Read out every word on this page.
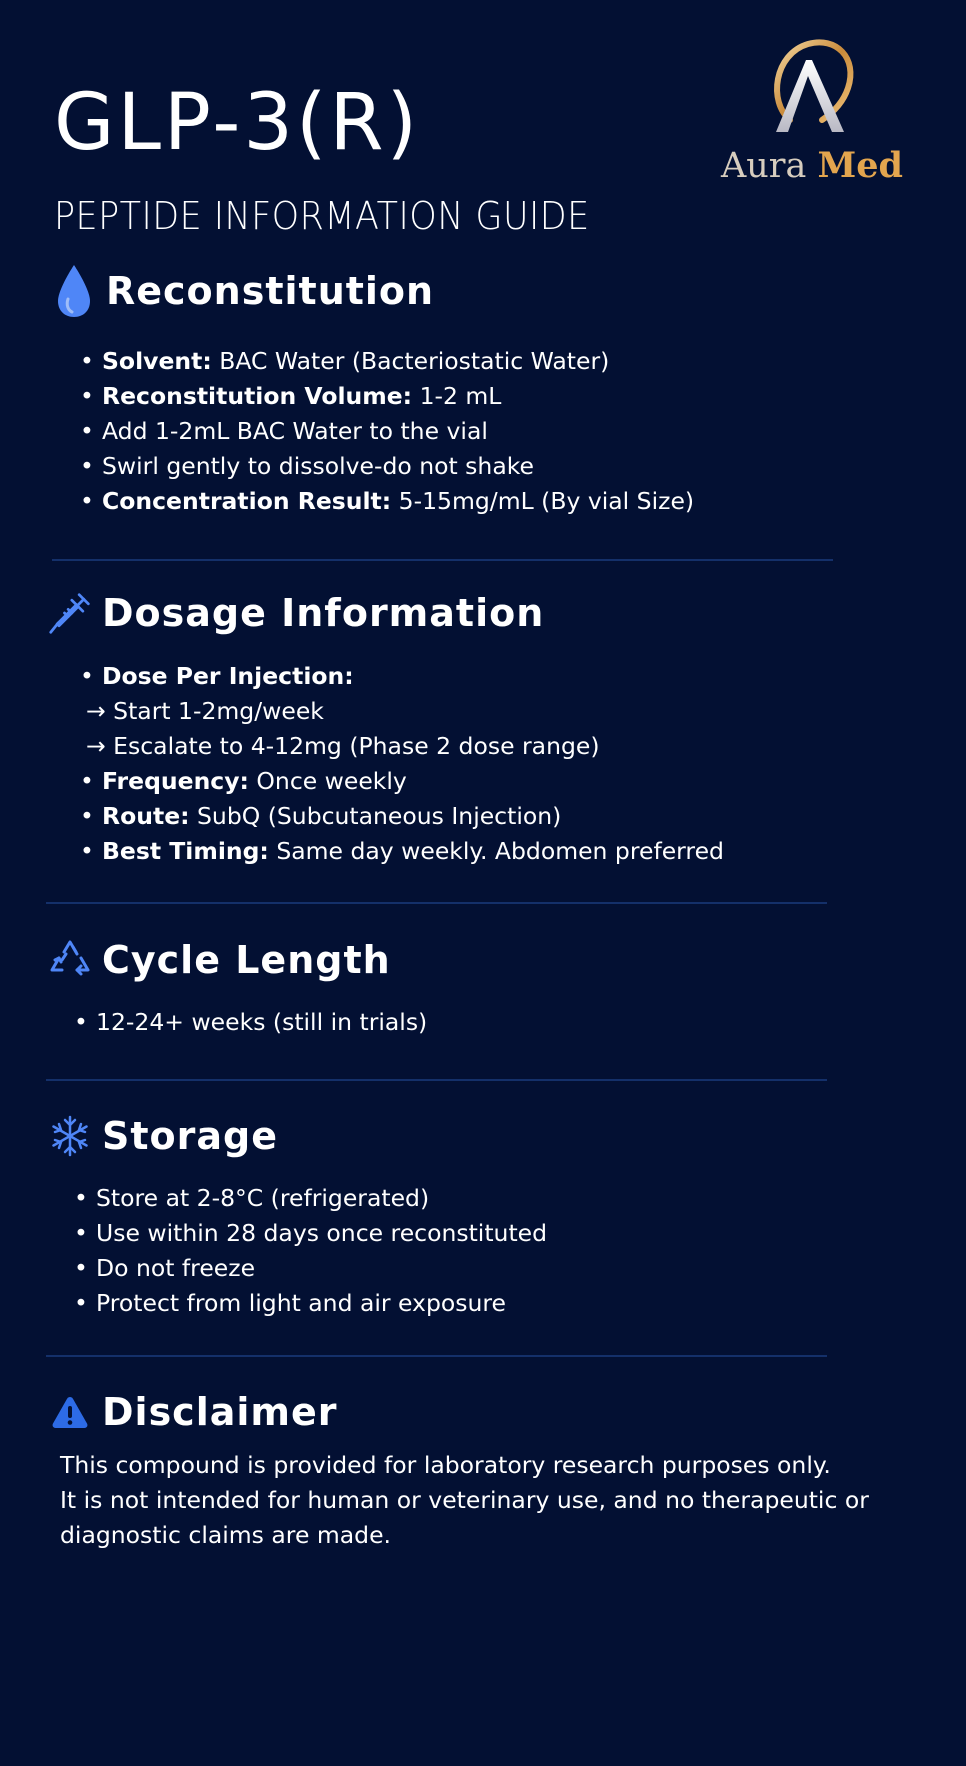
GLP-3(R)
PEPTIDE INFORMATION GUIDE
Aura Med
Reconstitution
• Solvent: BAC Water (Bacteriostatic Water)
• Reconstitution Volume: 1-2 mL
• Add 1-2mL BAC Water to the vial
• Swirl gently to dissolve-do not shake
• Concentration Result: 5-15mg/mL (By vial Size)
Dosage Information
• Dose Per Injection:
→ Start 1-2mg/week
→ Escalate to 4-12mg (Phase 2 dose range)
• Frequency: Once weekly
• Route: SubQ (Subcutaneous Injection)
• Best Timing: Same day weekly. Abdomen preferred
Cycle Length
• 12-24+ weeks (still in trials)
Storage
• Store at 2-8°C (refrigerated)
• Use within 28 days once reconstituted
• Do not freeze
• Protect from light and air exposure
Disclaimer
This compound is provided for laboratory research purposes only.
It is not intended for human or veterinary use, and no therapeutic or
diagnostic claims are made.
